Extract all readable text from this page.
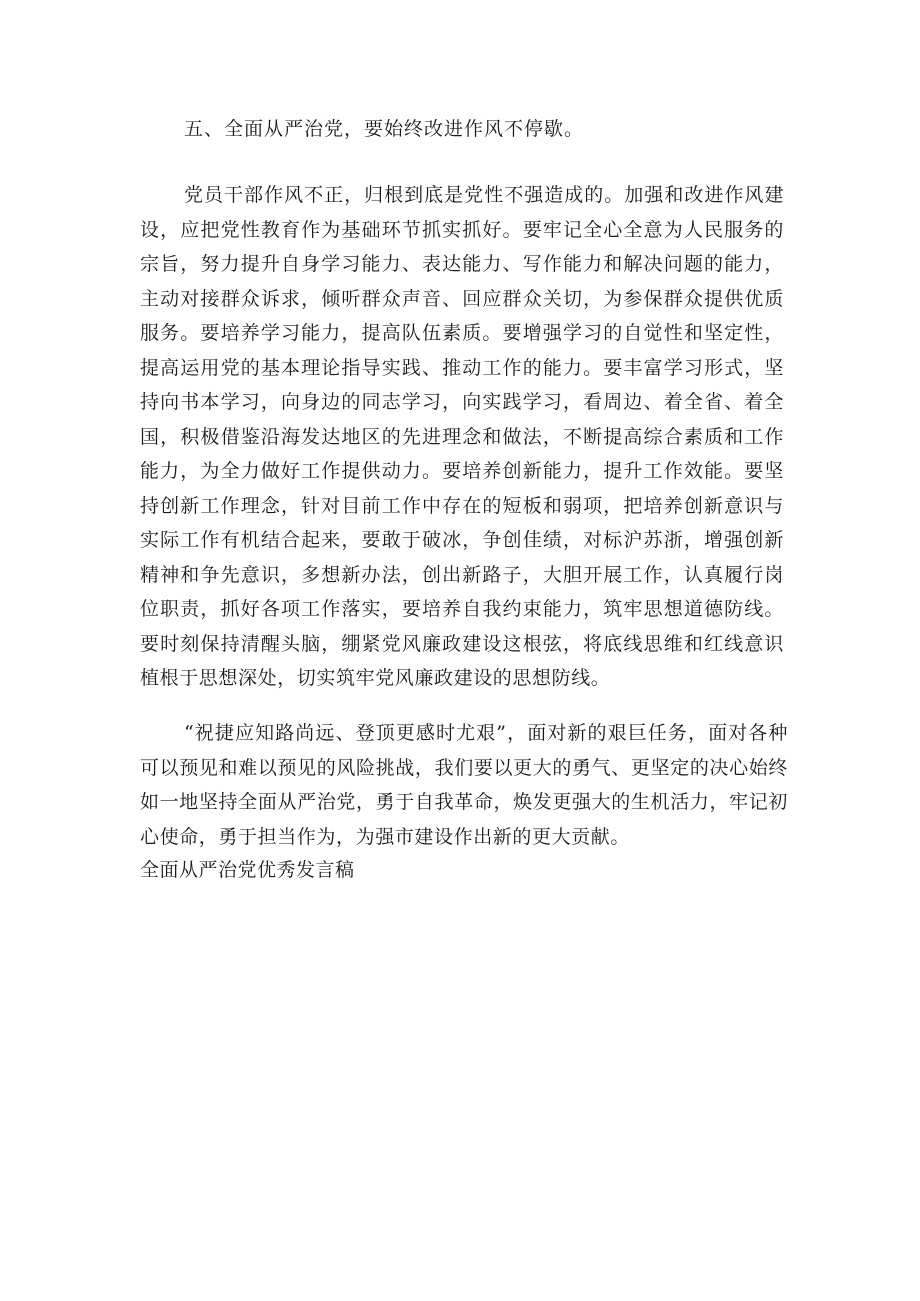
五、全面从严治党，要始终改进作风不停歇。

党员干部作风不正，归根到底是党性不强造成的。加强和改进作风建设，应把党性教育作为基础环节抓实抓好。要牢记全心全意为人民服务的宗旨，努力提升自身学习能力、表达能力、写作能力和解决问题的能力，主动对接群众诉求，倾听群众声音、回应群众关切，为参保群众提供优质服务。要培养学习能力，提高队伍素质。要增强学习的自觉性和坚定性，提高运用党的基本理论指导实践、推动工作的能力。要丰富学习形式，坚持向书本学习，向身边的同志学习，向实践学习，看周边、着全省、着全国，积极借鉴沿海发达地区的先进理念和做法，不断提高综合素质和工作能力，为全力做好工作提供动力。要培养创新能力，提升工作效能。要坚持创新工作理念，针对目前工作中存在的短板和弱项，把培养创新意识与实际工作有机结合起来，要敢于破冰，争创佳绩，对标沪苏浙，增强创新精神和争先意识，多想新办法，创出新路子，大胆开展工作，认真履行岗位职责，抓好各项工作落实，要培养自我约束能力，筑牢思想道德防线。要时刻保持清醒头脑，绷紧党风廉政建设这根弦，将底线思维和红线意识植根于思想深处，切实筑牢党风廉政建设的思想防线。

“祝捷应知路尚远、登顶更感时尤艰”，面对新的艰巨任务，面对各种可以预见和难以预见的风险挑战，我们要以更大的勇气、更坚定的决心始终如一地坚持全面从严治党，勇于自我革命，焕发更强大的生机活力，牢记初心使命，勇于担当作为，为强市建设作出新的更大贡献。

全面从严治党优秀发言稿
